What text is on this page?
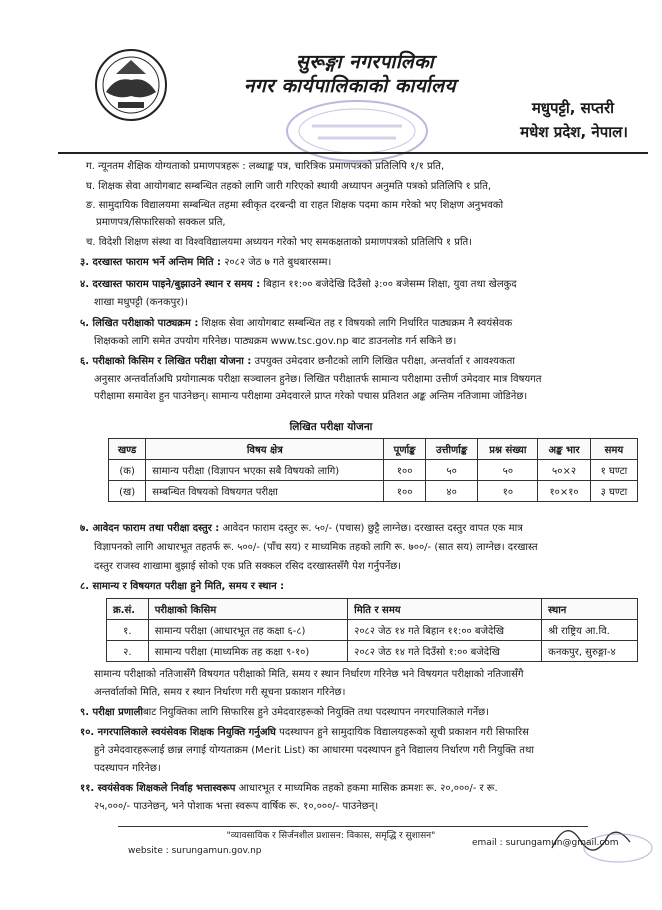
सुरूङ्गा नगरपालिका
नगर कार्यपालिकाको कार्यालय
मधुपट्टी, सप्तरी
मधेश प्रदेश, नेपाल।
ग. न्यूनतम शैक्षिक योग्यताको प्रमाणपत्रहरू : लब्धाङ्क पत्र, चारित्रिक प्रमाणपत्रको प्रतिलिपि १/१ प्रति,
घ. शिक्षक सेवा आयोगबाट सम्बन्धित तहको लागि जारी गरिएको स्थायी अध्यापन अनुमति पत्रको प्रतिलिपि १ प्रति,
ङ. सामुदायिक विद्यालयमा सम्बन्धित तहमा स्वीकृत दरबन्दी वा राहत शिक्षक पदमा काम गरेको भए शिक्षण अनुभवको
प्रमाणपत्र/सिफारिसको सक्कल प्रति,
च. विदेशी शिक्षण संस्था वा विश्वविद्यालयमा अध्ययन गरेको भए समकक्षताको प्रमाणपत्रको प्रतिलिपि १ प्रति।
३. दरखास्त फाराम भर्ने अन्तिम मिति : २०८२ जेठ ७ गते बुधबारसम्म।
४. दरखास्त फाराम पाइने/बुझाउने स्थान र समय : बिहान ११:०० बजेदेखि दिउँसो ३:०० बजेसम्म शिक्षा, युवा तथा खेलकुद
शाखा मधुपट्टी (कनकपुर)।
५. लिखित परीक्षाको पाठ्यक्रम : शिक्षक सेवा आयोगबाट सम्बन्धित तह र विषयको लागि निर्धारित पाठ्यक्रम नै स्वयंसेवक
शिक्षकको लागि समेत उपयोग गरिनेछ। पाठ्यक्रम www.tsc.gov.np बाट डाउनलोड गर्न सकिने छ।
६. परीक्षाको किसिम र लिखित परीक्षा योजना : उपयुक्त उमेदवार छनौटको लागि लिखित परीक्षा, अन्तर्वार्ता र आवश्यकता
अनुसार अन्तर्वार्ताअघि प्रयोगात्मक परीक्षा सञ्चालन हुनेछ। लिखित परीक्षातर्फ सामान्य परीक्षामा उत्तीर्ण उमेदवार मात्र विषयगत
परीक्षामा समावेश हुन पाउनेछन्। सामान्य परीक्षामा उमेदवारले प्राप्त गरेको पचास प्रतिशत अङ्क अन्तिम नतिजामा जोडिनेछ।
लिखित परीक्षा योजना
खण्ड	विषय क्षेत्र	पूर्णाङ्क	उत्तीर्णाङ्क	प्रश्न संख्या	अङ्क भार	समय
(क)	सामान्य परीक्षा (विज्ञापन भएका सबै विषयको लागि)	१००	५०	५०	५०×२	१ घण्टा
(ख)	सम्बन्धित विषयको विषयगत परीक्षा	१००	४०	१०	१०×१०	३ घण्टा
७. आवेदन फाराम तथा परीक्षा दस्तुर : आवेदन फाराम दस्तुर रू. ५०/- (पचास) छुट्टै लाग्नेछ। दरखास्त दस्तुर वापत एक मात्र
विज्ञापनको लागि आधारभूत तहतर्फ रू. ५००/- (पाँच सय) र माध्यमिक तहको लागि रू. ७००/- (सात सय) लाग्नेछ। दरखास्त
दस्तुर राजस्व शाखामा बुझाई सोको एक प्रति सक्कल रसिद दरखास्तसँगै पेश गर्नुपर्नेछ।
८. सामान्य र विषयगत परीक्षा हुने मिति, समय र स्थान :
क्र.सं.	परीक्षाको किसिम	मिति र समय	स्थान
१.	सामान्य परीक्षा (आधारभूत तह कक्षा ६-८)	२०८२ जेठ १४ गते बिहान ११:०० बजेदेखि	श्री राष्ट्रिय आ.वि.
२.	सामान्य परीक्षा (माध्यमिक तह कक्षा ९-१०)	२०८२ जेठ १४ गते दिउँसो १:०० बजेदेखि	कनकपुर, सुरुङ्गा-४
सामान्य परीक्षाको नतिजासँगै विषयगत परीक्षाको मिति, समय र स्थान निर्धारण गरिनेछ भने विषयगत परीक्षाको नतिजासँगै
अन्तर्वार्ताको मिति, समय र स्थान निर्धारण गरी सूचना प्रकाशन गरिनेछ।
९. परीक्षा प्रणालीबाट नियुक्तिका लागि सिफारिस हुने उमेदवारहरूको नियुक्ति तथा पदस्थापन नगरपालिकाले गर्नेछ।
१०. नगरपालिकाले स्वयंसेवक शिक्षक नियुक्ति गर्नुअघि पदस्थापन हुने सामुदायिक विद्यालयहरूको सूची प्रकाशन गरी सिफारिस
हुने उमेदवारहरूलाई छान्न लगाई योग्यताक्रम (Merit List) का आधारमा पदस्थापन हुने विद्यालय निर्धारण गरी नियुक्ति तथा
पदस्थापन गरिनेछ।
११. स्वयंसेवक शिक्षकले निर्वाह भत्तास्वरूप आधारभूत र माध्यमिक तहको हकमा मासिक क्रमशः रू. २०,०००/- र रू.
२५,०००/- पाउनेछन्, भने पोशाक भत्ता स्वरूप वार्षिक रू. १०,०००/- पाउनेछन्।
"व्यावसायिक र सिर्जनशील प्रशासन: विकास, समृद्धि र सुशासन"
website : surungamun.gov.np
email : surungamun@gmail.com
